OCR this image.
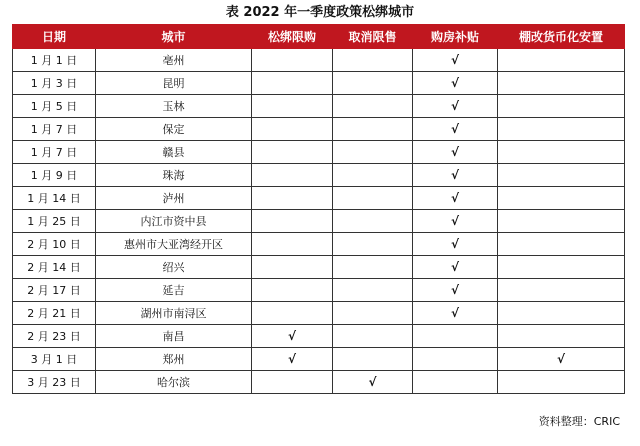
表 2022 年一季度政策松绑城市
日期	城市	松绑限购	取消限售	购房补贴	棚改货币化安置
1 月 1 日	亳州			√	
1 月 3 日	昆明			√	
1 月 5 日	玉林			√	
1 月 7 日	保定			√	
1 月 7 日	赣县			√	
1 月 9 日	珠海			√	
1 月 14 日	泸州			√	
1 月 25 日	内江市资中县			√	
2 月 10 日	惠州市大亚湾经开区			√	
2 月 14 日	绍兴			√	
2 月 17 日	延吉			√	
2 月 21 日	湖州市南浔区			√	
2 月 23 日	南昌	√			
3 月 1 日	郑州	√			√
3 月 23 日	哈尔滨		√		
资料整理：CRIC
